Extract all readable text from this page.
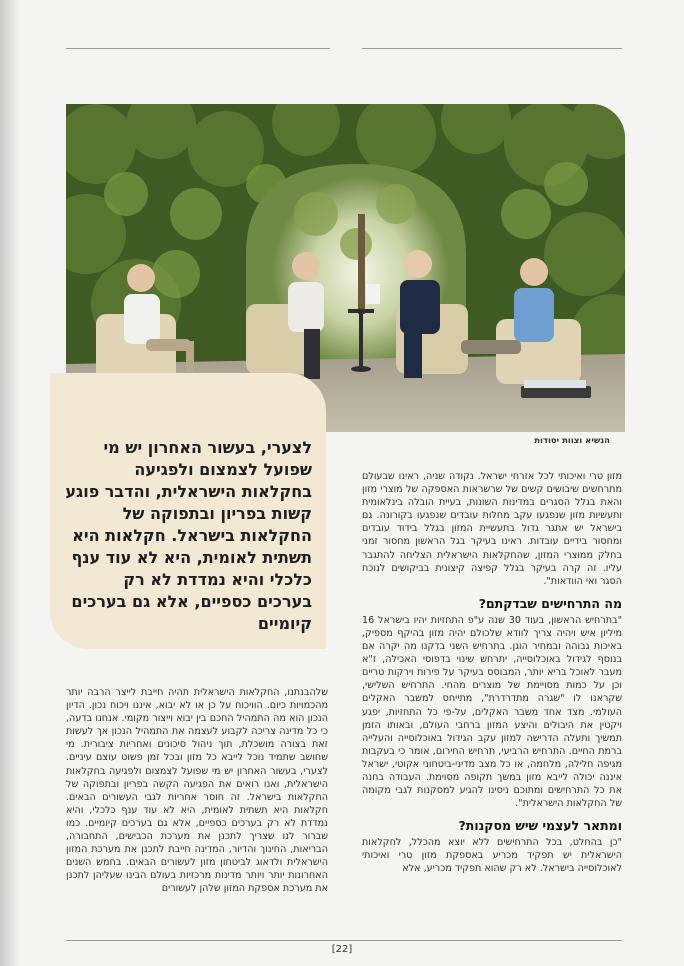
הנשיא וצוות יסודות
לצערי, בעשור האחרון יש מי שפועל לצמצום ולפגיעה בחקלאות הישראלית, והדבר פוגע קשות בפריון ובתפוקה של החקלאות בישראל. חקלאות היא תשתית לאומית, היא לא עוד ענף כלכלי והיא נמדדת לא רק בערכים כספיים, אלא גם בערכים קיומיים

מזון טרי ואיכותי לכל אזרחי ישראל. נקודה שניה, ראינו שבעולם מתרחשים שיבושים קשים של שרשראות האספקה של מוצרי מזון והאת בגלל הסגרים במדינות השונות, בעיית הובלה בינלאומית ותעשיות מזון שנפגעו עקב מחלות עובדים שנפגעו בקורונה. גם בישראל יש אתגר גדול בתעשיית המזון בגלל בידוד עובדים ומחסור בידיים עובדות. ראינו בעיקר בגל הראשון מחסור זמני בחלק ממוצרי המזון, שהחקלאות הישראלית הצליחה להתגבר עליו. זה קרה בעיקר בגלל קפיצה קיצונית בביקושים לנוכח הסגר ואי הוודאות".

מה התרחישים שבדקתם?

"בתרחיש הראשון, בעוד 30 שנה ע"פ התחזיות יהיו בישראל 16 מיליון איש ויהיה צריך לוודא שלכולם יהיה מזון בהיקף מספיק, באיכות גבוהה ובמחיר הוגן. בתרחיש השני בדקנו מה יקרה אם בנוסף לגידול באוכלוסייה, יתרחש שינוי בדפוסי האכילה, ז"א מעבר לאוכל בריא יותר, המבוסס בעיקר על פירות וירקות טריים וכן על כמות מסויימת של מוצרים מהחי. התרחיש השלישי, שקראנו לו "שגרה מתדרדרת", מתייחס למשבר האקלים העולמי. מצד אחד משבר האקלים, על-פי כל התחזיות, יפגע ויקטין את היבולים והיצע המזון ברחבי העולם, ובאותו הזמן תמשיך ותעלה הדרישה למזון עקב הגידול באוכלוסייה והעלייה ברמת החיים. התרחיש הרביעי, תרחיש החירום, אומר כי בעקבות מגיפה חלילה, מלחמה, או כל מצב מדיני-ביטחוני אקוטי, ישראל איננה יכולה לייבא מזון במשך תקופה מסוימת. העבודה בחנה את כל התרחישים ומתוכם ניסינו להגיע למסקנות לגבי מקומה של החקלאות הישראלית".

ומתאר לעצמי שיש מסקנות?

"כן בהחלט, בכל התרחישים ללא יוצא מהכלל, לחקלאות הישראלית יש תפקיד מכריע באספקת מזון טרי ואיכותי לאוכלוסייה בישראל. לא רק שהוא תפקיד מכריע, אלא

שלהבנתנו, החקלאות הישראלית תהיה חייבת לייצר הרבה יותר מהכמויות כיום. הוויכוח על כן או לא יבוא, איננו ויכוח נכון. הדיון הנכון הוא מה התמהיל החכם בין יבוא וייצור מקומי. אנחנו בדעה, כי כל מדינה צריכה לקבוע לעצמה את התמהיל הנכון אך לעשות זאת בצורה מושכלת, תוך ניהול סיכונים ואחריות ציבורית. מי שחושב שתמיד נוכל לייבא כל מזון ובכל זמן פשוט עוצם עיניים. לצערי, בעשור האחרון יש מי שפועל לצמצום ולפגיעה בחקלאות הישראלית, ואנו רואים את הפגיעה הקשה בפריון ובתפוקה של החקלאות בישראל. זה חוסר אחריות לגבי העשורים הבאים. חקלאות היא תשתית לאומית, היא לא עוד ענף כלכלי, והיא נמדדת לא רק בערכים כספיים, אלא גם בערכים קיומיים. כמו שברור לנו שצריך לתכנן את מערכת הכבישים, התחבורה, הבריאות, החינוך והדיור, המדינה חייבת לתכנן את מערכת המזון הישראלית ולדאוג לביטחון מזון לעשורים הבאים. בחמש השנים האחרונות יותר ויותר מדינות מרכזיות בעולם הבינו שעליהן לתכנן את מערכת אספקת המזון שלהן לעשורים

[22]
